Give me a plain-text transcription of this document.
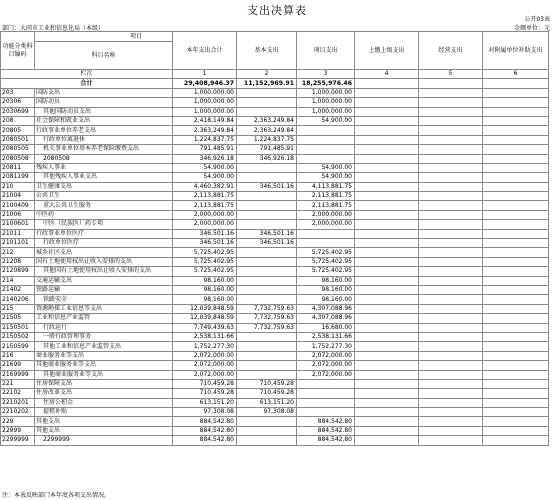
支出决算表
公开03表
部门：大同市工业和信息化局（本级）	金额单位：元
功能分类科目编码	项目	本年支出合计	基本支出	项目支出	上缴上级支出	经营支出	对附属单位补助支出
	科目名称						

栏次		1	2	3	4	5	6
合计		29,408,946.37	11,152,969.91	18,255,976.46			
203	国防支出	1,000,000.00		1,000,000.00			
20306	国防动员	1,000,000.00		1,000,000.00			
2030699	其他国防动员支出	1,000,000.00		1,000,000.00			
208	社会保障和就业支出	2,418,149.84	2,363,249.84	54,900.00			
20805	行政事业单位养老支出	2,363,249.84	2,363,249.84				
2080501	行政单位离退休	1,224,837.75	1,224,837.75				
2080505	机关事业单位基本养老保险缴费支出	791,485.91	791,485.91				
2080508	2080508	346,926.18	346,926.18				
20811	残疾人事业	54,900.00		54,900.00			
2081199	其他残疾人事业支出	54,900.00		54,900.00			
210	卫生健康支出	4,460,382.91	346,501.16	4,113,881.75			
21004	公共卫生	2,113,881.75		2,113,881.75			
2100409	重大公共卫生服务	2,113,881.75		2,113,881.75			
21006	中医药	2,000,000.00		2,000,000.00			
2100601	中医（民族医）药专项	2,000,000.00		2,000,000.00			
21011	行政事业单位医疗	346,501.16	346,501.16				
2101101	行政单位医疗	346,501.16	346,501.16				
212	城乡社区支出	5,725,402.95		5,725,402.95			
21208	国有土地使用权出让收入安排的支出	5,725,402.95		5,725,402.95			
2120899	其他国有土地使用权出让收入安排的支出	5,725,402.95		5,725,402.95			
214	交通运输支出	98,160.00		98,160.00			
21402	铁路运输	98,160.00		98,160.00			
2140206	铁路安全	98,160.00		98,160.00			
215	资源勘探工业信息等支出	12,039,848.59	7,732,759.63	4,307,088.96			
21505	工业和信息产业监管	12,039,848.59	7,732,759.63	4,307,088.96			
2150501	行政运行	7,749,439.63	7,732,759.63	16,680.00			
2150502	一般行政管理事务	2,538,131.66		2,538,131.66			
2150599	其他工业和信息产业监管支出	1,752,277.30		1,752,277.30			
216	商业服务业等支出	2,072,000.00		2,072,000.00			
21699	其他商业服务业等支出	2,072,000.00		2,072,000.00			
2169999	其他商业服务业等支出	2,072,000.00		2,072,000.00			
221	住房保障支出	710,459.28	710,459.28				
22102	住房改革支出	710,459.28	710,459.28				
2210201	住房公积金	613,151.20	613,151.20				
2210202	提租补贴	97,308.08	97,308.08				
229	其他支出	884,542.80		884,542.80			
22999	其他支出	884,542.80		884,542.80			
2299999	2299999	884,542.80		884,542.80			
注：本表反映部门本年度各项支出情况。
